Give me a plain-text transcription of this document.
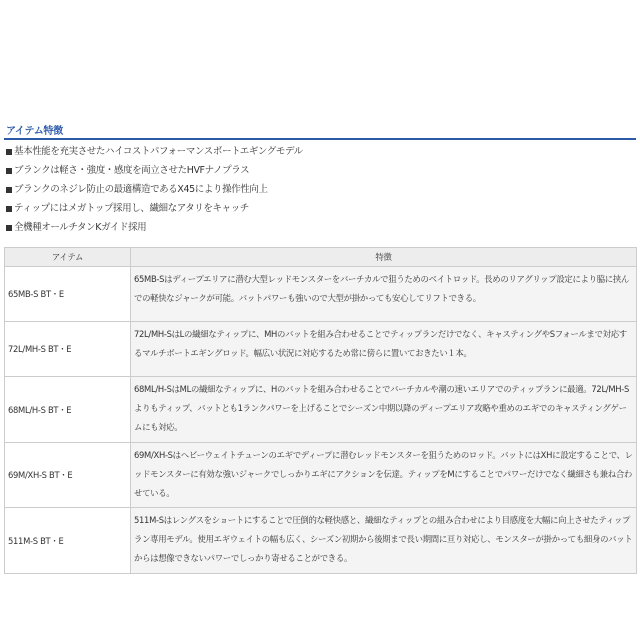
アイテム特徴
基本性能を充実させたハイコストパフォーマンスボートエギングモデル
ブランクは軽さ・強度・感度を両立させたHVFナノプラス
ブランクのネジレ防止の最適構造であるX45により操作性向上
ティップにはメガトップ採用し、繊細なアタリをキャッチ
全機種オールチタンKガイド採用
アイテム	特徴
65MB-S BT・E	65MB-Sはディープエリアに潜む大型レッドモンスターをバーチカルで狙うためのベイトロッド。長めのリアグリップ設定により脇に挟んでの軽快なジャークが可能。バットパワーも強いので大型が掛かっても安心してリフトできる。
72L/MH-S BT・E	72L/MH-SはLの繊細なティップに、MHのバットを組み合わせることでティップランだけでなく、キャスティングやSフォールまで対応するマルチボートエギングロッド。幅広い状況に対応するため常に傍らに置いておきたい１本。
68ML/H-S BT・E	68ML/H-SはMLの繊細なティップに、Hのバットを組み合わせることでバーチカルや潮の速いエリアでのティップランに最適。72L/MH-S よりもティップ、バットとも1ランクパワーを上げることでシーズン中期以降のディープエリア攻略や重めのエギでのキャスティングゲームにも対応。
69M/XH-S BT・E	69M/XH-Sはヘビーウェイトチューンのエギでディープに潜むレッドモンスターを狙うためのロッド。バットにはXHに設定することで、レッドモンスターに有効な強いジャークでしっかりエギにアクションを伝達。ティップをMにすることでパワーだけでなく繊細さも兼ね合わせている。
511M-S BT・E	511M-Sはレングスをショートにすることで圧倒的な軽快感と、繊細なティップとの組み合わせにより目感度を大幅に向上させたティップラン専用モデル。使用エギウェイトの幅も広く、シーズン初期から後期まで長い期間に亘り対応し、モンスターが掛かっても細身のバットからは想像できないパワーでしっかり寄せることができる。
